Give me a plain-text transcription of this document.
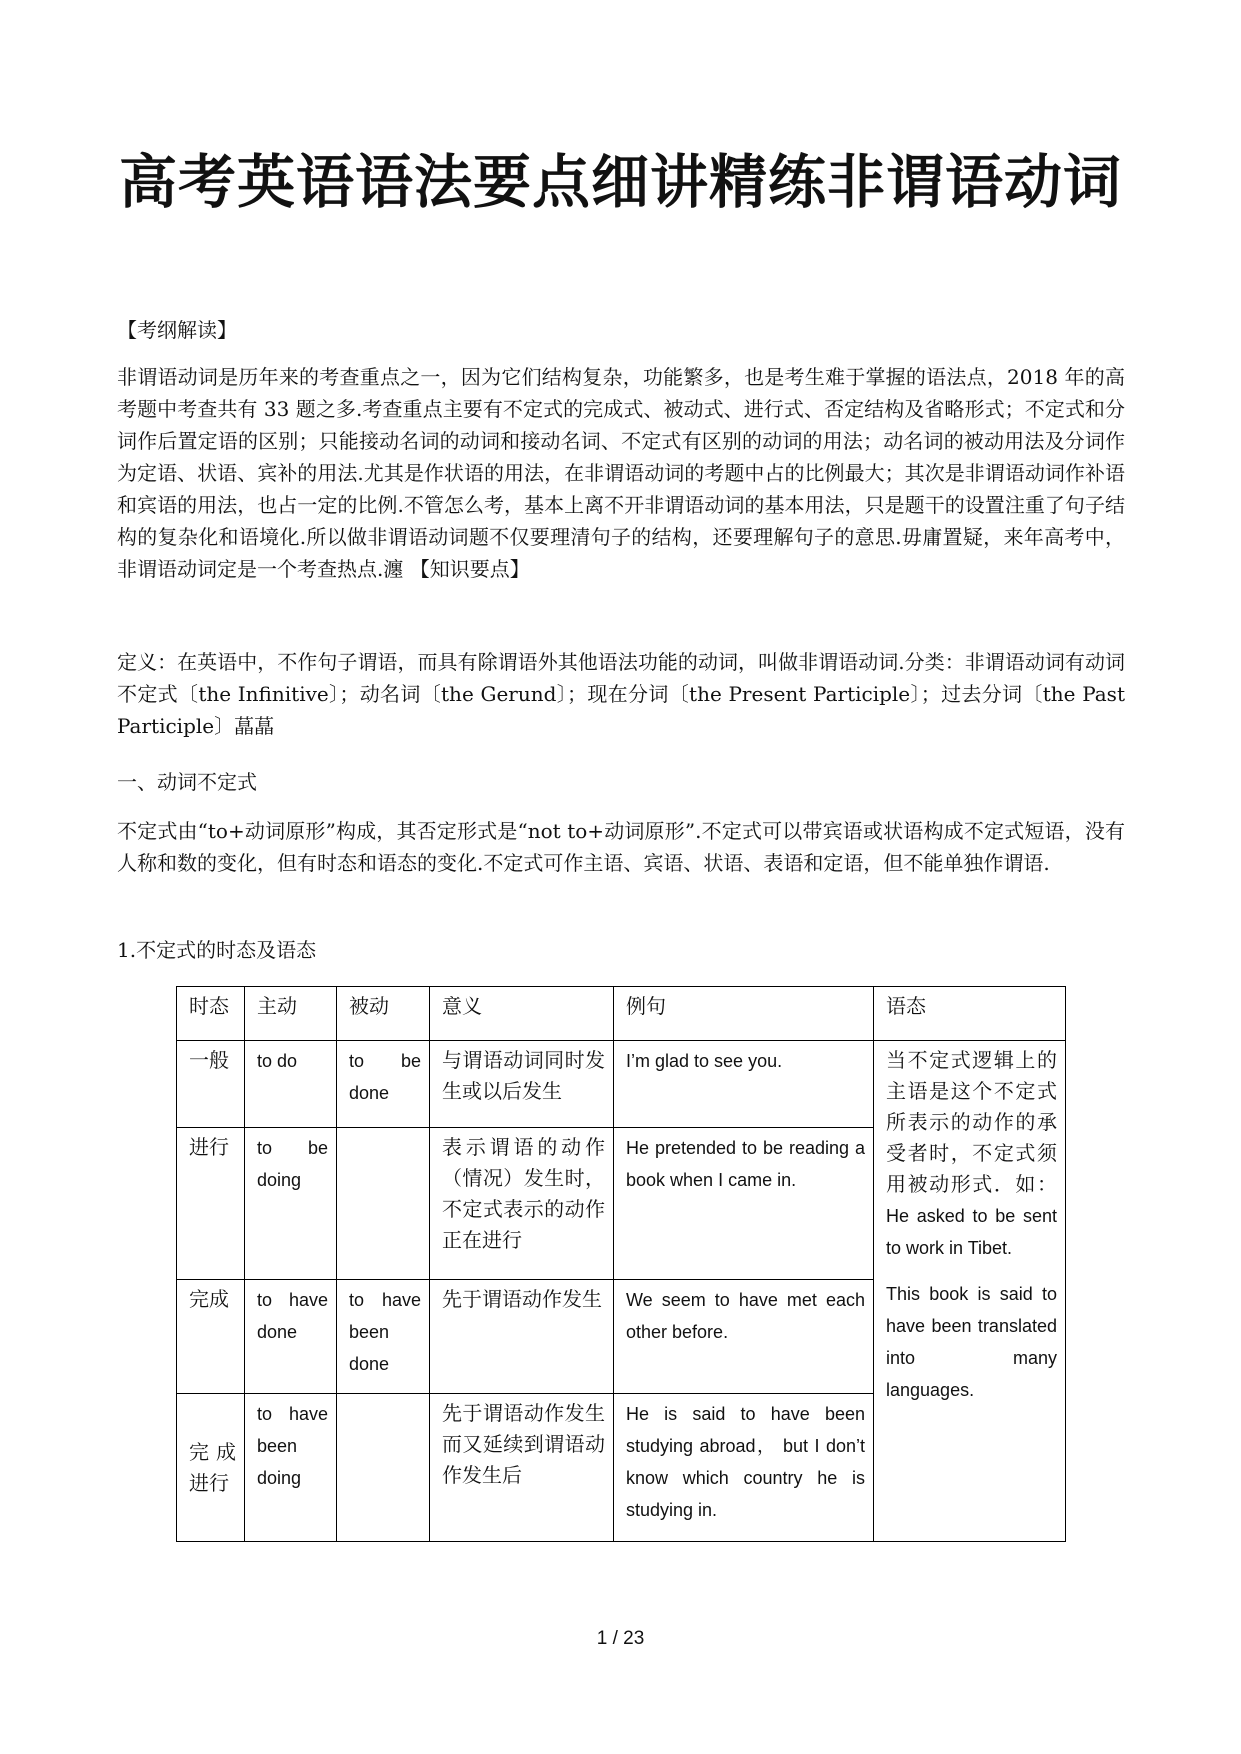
高考英语语法要点细讲精练非谓语动词
【考纲解读】
非谓语动词是历年来的考查重点之一，因为它们结构复杂，功能繁多，也是考生难于掌握的语法点，2018 年的高考题中考查共有 33 题之多.考查重点主要有不定式的完成式、被动式、进行式、否定结构及省略形式；不定式和分词作后置定语的区别；只能接动名词的动词和接动名词、不定式有区别的动词的用法；动名词的被动用法及分词作为定语、状语、宾补的用法.尤其是作状语的用法，在非谓语动词的考题中占的比例最大；其次是非谓语动词作补语和宾语的用法，也占一定的比例.不管怎么考，基本上离不开非谓语动词的基本用法，只是题干的设置注重了句子结构的复杂化和语境化.所以做非谓语动词题不仅要理清句子的结构，还要理解句子的意思.毋庸置疑，来年高考中，非谓语动词定是一个考查热点.瀍 【知识要点】
定义：在英语中，不作句子谓语，而具有除谓语外其他语法功能的动词，叫做非谓语动词.分类：非谓语动词有动词不定式〔the Infinitive〕；动名词〔the Gerund〕；现在分词〔the Present Participle〕；过去分词〔the Past Participle〕蕌蕌
一、动词不定式
不定式由“to+动词原形”构成，其否定形式是“not to+动词原形”.不定式可以带宾语或状语构成不定式短语，没有人称和数的变化，但有时态和语态的变化.不定式可作主语、宾语、状语、表语和定语，但不能单独作谓语.
1.不定式的时态及语态
时态	主动	被动	意义	例句	语态
一般	to do	to be done	与谓语动词同时发生或以后发生	I’m glad to see you.	当不定式逻辑上的主语是这个不定式所表示的动作的承受者时，不定式须用被动形式．如：He asked to be sent to work in Tibet.

This book is said to have been translated into many languages.

进行	to be doing		表示谓语的动作（情况）发生时，不定式表示的动作正在进行	He pretended to be reading a book when I came in.	
完成	to have done	to have been done	先于谓语动作发生	We seem to have met each other before.	
完成进行	to have been doing		先于谓语动作发生而又延续到谓语动作发生后	He is said to have been studying abroad， but I don’t know which country he is studying in.	
1 / 23
